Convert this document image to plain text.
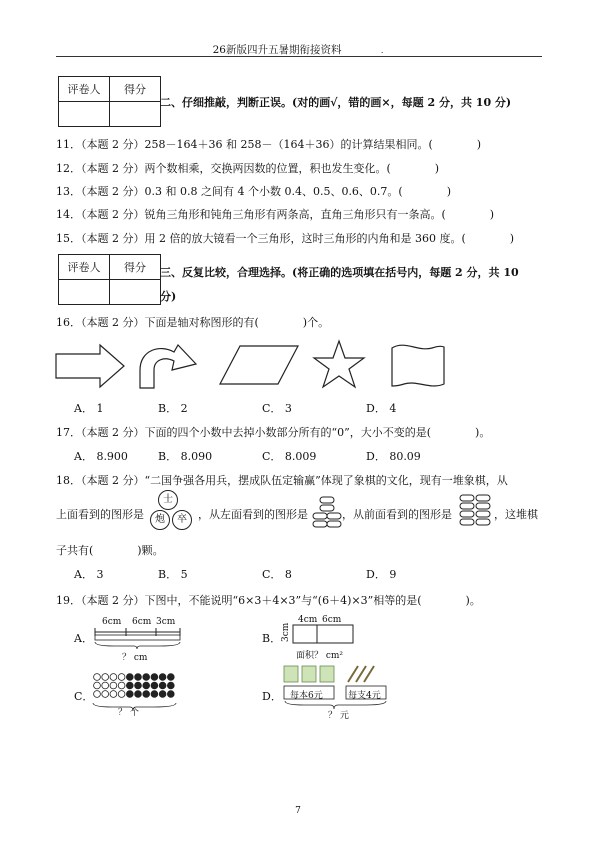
26新版四升五暑期衔接资料	.
评卷人	得分

二、仔细推敲，判断正误。(对的画√，错的画×，每题 2 分，共 10 分)
11．（本题 2 分）258－164＋36 和 258－（164＋36）的计算结果相同。(　　　　)
12．（本题 2 分）两个数相乘，交换两因数的位置，积也发生变化。(　　　　)
13．（本题 2 分）0.3 和 0.8 之间有 4 个小数 0.4、0.5、0.6、0.7。(　　　　)
14．（本题 2 分）锐角三角形和钝角三角形有两条高，直角三角形只有一条高。(　　　　)
15．（本题 2 分）用 2 倍的放大镜看一个三角形，这时三角形的内角和是 360 度。(　　　　)
评卷人	得分
	三、反复比较，合理选择。(将正确的选项填在括号内，每题 2 分，共 10
分)
16．（本题 2 分）下面是轴对称图形的有(　　　　)个。
A． 1	B． 2	C． 3	D． 4
17．（本题 2 分）下面的四个小数中去掉小数部分所有的“0”，大小不变的是(　　　　)。
A． 8.900	B． 8.090	C． 8.009	D． 80.09
18．（本题 2 分）“二国争强各用兵，摆成队伍定输赢”体现了象棋的文化，现有一堆象棋，从
上面看到的图形是
士
炮	卒	，从左面看到的图形是	，从前面看到的图形是	，这堆棋
子共有(　　　　)颗。
A． 3	B． 5	C． 8	D． 9
19．（本题 2 分）下图中，不能说明“6×3＋4×3”与“(6＋4)×3”相等的是(　　　　)。
A．
6cm 6cm 3cm
？ cm
B．
4cm 6cm
3cm
面积？ cm²
C．
？ 个
D． 每本6元	每支4元
？ 元
7
